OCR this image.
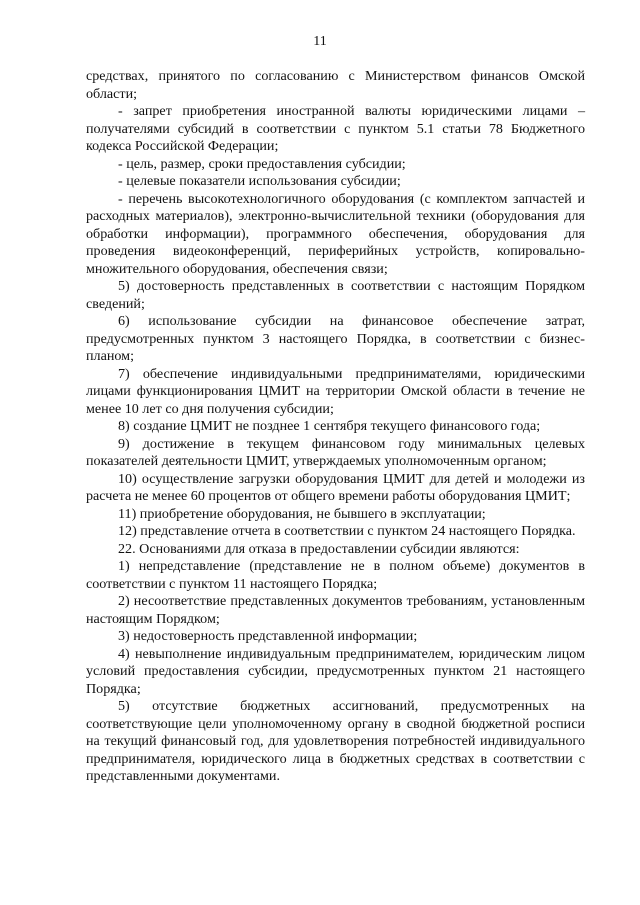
11

средствах, принятого по согласованию с Министерством финансов Омской области;

- запрет приобретения иностранной валюты юридическими лицами – получателями субсидий в соответствии с пунктом 5.1 статьи 78 Бюджетного кодекса Российской Федерации;

- цель, размер, сроки предоставления субсидии;

- целевые показатели использования субсидии;

- перечень высокотехнологичного оборудования (с комплектом запчастей и расходных материалов), электронно-вычислительной техники (оборудования для обработки информации), программного обеспечения, оборудования для проведения видеоконференций, периферийных устройств, копировально-множительного оборудования, обеспечения связи;

5) достоверность представленных в соответствии с настоящим Порядком сведений;

6) использование субсидии на финансовое обеспечение затрат, предусмотренных пунктом 3 настоящего Порядка, в соответствии с бизнес-планом;

7) обеспечение индивидуальными предпринимателями, юридическими лицами функционирования ЦМИТ на территории Омской области в течение не менее 10 лет со дня получения субсидии;

8) создание ЦМИТ не позднее 1 сентября текущего финансового года;

9) достижение в текущем финансовом году минимальных целевых показателей деятельности ЦМИТ, утверждаемых уполномоченным органом;

10) осуществление загрузки оборудования ЦМИТ для детей и молодежи из расчета не менее 60 процентов от общего времени работы оборудования ЦМИТ;

11) приобретение оборудования, не бывшего в эксплуатации;

12) представление отчета в соответствии с пунктом 24 настоящего Порядка.

22. Основаниями для отказа в предоставлении субсидии являются:

1) непредставление (представление не в полном объеме) документов в соответствии с пунктом 11 настоящего Порядка;

2) несоответствие представленных документов требованиям, установленным настоящим Порядком;

3) недостоверность представленной информации;

4) невыполнение индивидуальным предпринимателем, юридическим лицом условий предоставления субсидии, предусмотренных пунктом 21 настоящего Порядка;

5) отсутствие бюджетных ассигнований, предусмотренных на соответствующие цели уполномоченному органу в сводной бюджетной росписи на текущий финансовый год, для удовлетворения потребностей индивидуального предпринимателя, юридического лица в бюджетных средствах в соответствии с представленными документами.
